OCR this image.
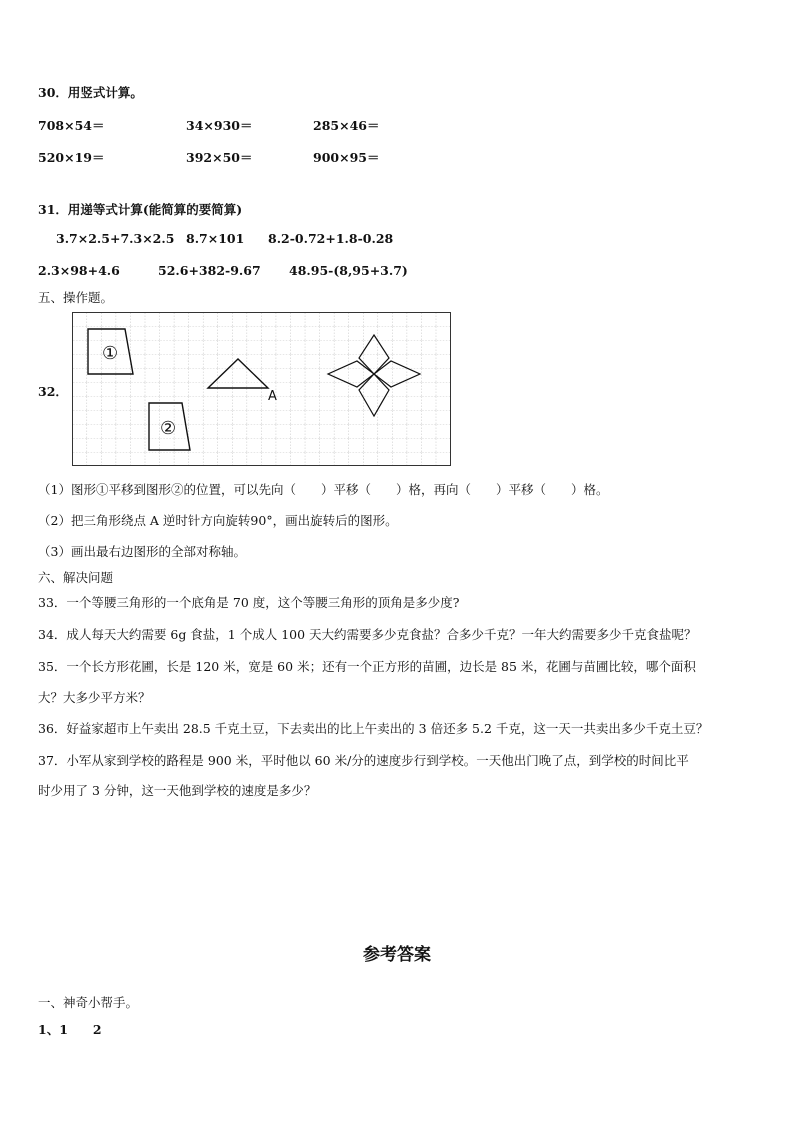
30．用竖式计算。
708×54＝	34×930＝	285×46＝
520×19＝	392×50＝	900×95＝
31．用递等式计算(能简算的要简算)
3.7×2.5+7.3×2.5 8.7×101 8.2-0.72+1.8-0.28
2.3×98+4.6	52.6+382-9.67 48.95-(8,95+3.7)
五、操作题。
32．
①
②
A
（1）图形①平移到图形②的位置，可以先向（　　）平移（　　）格，再向（　　）平移（　　）格。
（2）把三角形绕点 A 逆时针方向旋转90°，画出旋转后的图形。
（3）画出最右边图形的全部对称轴。
六、解决问题
33．一个等腰三角形的一个底角是 70 度，这个等腰三角形的顶角是多少度?
34．成人每天大约需要 6g 食盐，1 个成人 100 天大约需要多少克食盐？合多少千克？一年大约需要多少千克食盐呢？
35．一个长方形花圃，长是 120 米，宽是 60 米；还有一个正方形的苗圃，边长是 85 米，花圃与苗圃比较，哪个面积
大？大多少平方米？
36．好益家超市上午卖出 28.5 千克土豆，下去卖出的比上午卖出的 3 倍还多 5.2 千克，这一天一共卖出多少千克土豆？
37．小军从家到学校的路程是 900 米，平时他以 60 米/分的速度步行到学校。一天他出门晚了点，到学校的时间比平
时少用了 3 分钟，这一天他到学校的速度是多少？
参考答案
一、神奇小帮手。
1、1　　2
